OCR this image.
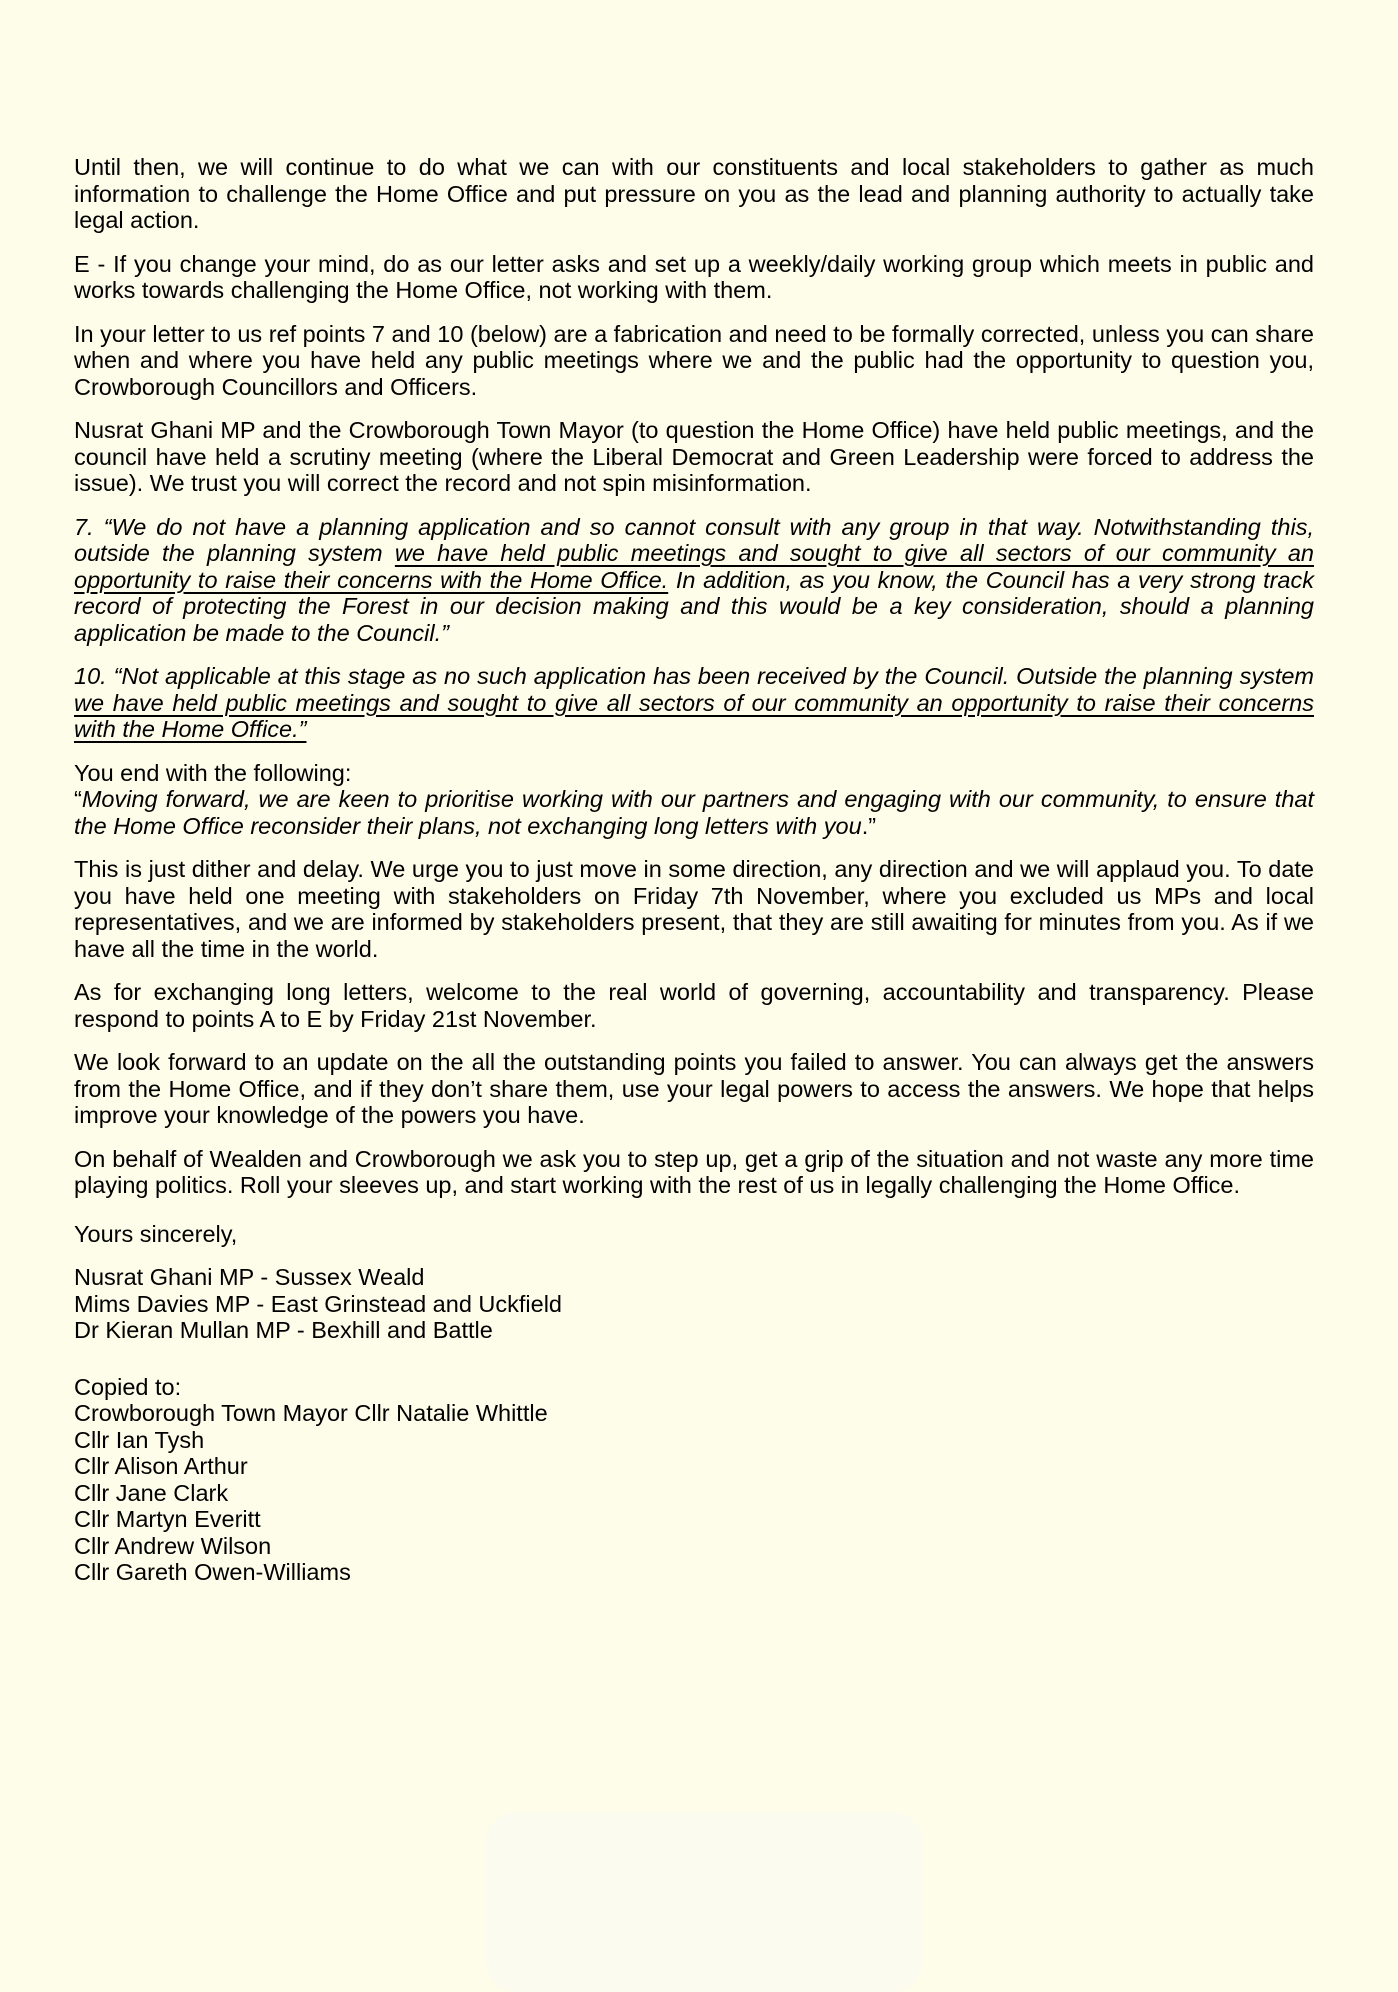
Until then, we will continue to do what we can with our constituents and local stakeholders to gather as much information to challenge the Home Office and put pressure on you as the lead and planning authority to actually take legal action.

E - If you change your mind, do as our letter asks and set up a weekly/daily working group which meets in public and works towards challenging the Home Office, not working with them.

In your letter to us ref points 7 and 10 (below) are a fabrication and need to be formally corrected, unless you can share when and where you have held any public meetings where we and the public had the opportunity to question you, Crowborough Councillors and Officers.

Nusrat Ghani MP and the Crowborough Town Mayor (to question the Home Office) have held public meetings, and the council have held a scrutiny meeting (where the Liberal Democrat and Green Leadership were forced to address the issue). We trust you will correct the record and not spin misinformation.

7. “We do not have a planning application and so cannot consult with any group in that way. Notwithstanding this, outside the planning system we have held public meetings and sought to give all sectors of our community an opportunity to raise their concerns with the Home Office. In addition, as you know, the Council has a very strong track record of protecting the Forest in our decision making and this would be a key consideration, should a planning application be made to the Council.”

10. “Not applicable at this stage as no such application has been received by the Council. Outside the planning system we have held public meetings and sought to give all sectors of our community an opportunity to raise their concerns with the Home Office.”

You end with the following:
“Moving forward, we are keen to prioritise working with our partners and engaging with our community, to ensure that the Home Office reconsider their plans, not exchanging long letters with you.”

This is just dither and delay. We urge you to just move in some direction, any direction and we will applaud you. To date you have held one meeting with stakeholders on Friday 7th November, where you excluded us MPs and local representatives, and we are informed by stakeholders present, that they are still awaiting for minutes from you. As if we have all the time in the world.

As for exchanging long letters, welcome to the real world of governing, accountability and transparency. Please respond to points A to E by Friday 21st November.

We look forward to an update on the all the outstanding points you failed to answer. You can always get the answers from the Home Office, and if they don’t share them, use your legal powers to access the answers. We hope that helps improve your knowledge of the powers you have.

On behalf of Wealden and Crowborough we ask you to step up, get a grip of the situation and not waste any more time playing politics. Roll your sleeves up, and start working with the rest of us in legally challenging the Home Office.

Yours sincerely,

Nusrat Ghani MP - Sussex Weald
Mims Davies MP - East Grinstead and Uckfield
Dr Kieran Mullan MP - Bexhill and Battle
Copied to:
Crowborough Town Mayor Cllr Natalie Whittle
Cllr Ian Tysh
Cllr Alison Arthur
Cllr Jane Clark
Cllr Martyn Everitt
Cllr Andrew Wilson
Cllr Gareth Owen-Williams
